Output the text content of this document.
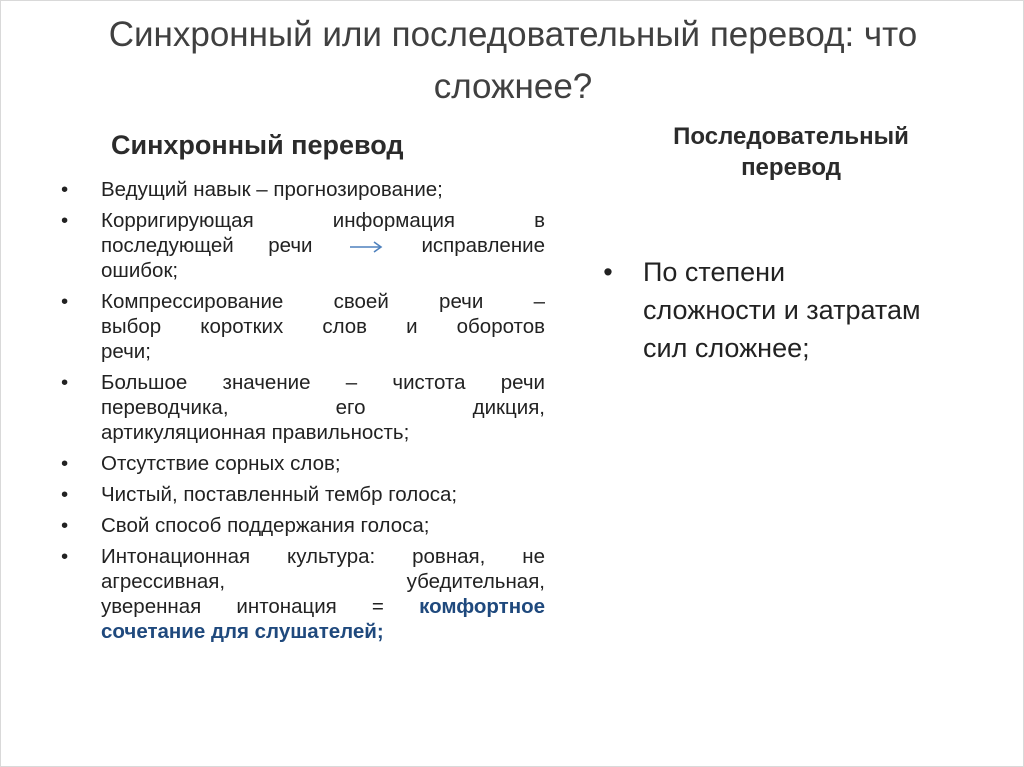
Синхронный или последовательный перевод: что сложнее?
Синхронный перевод	Последовательный перевод
•	Ведущий навык – прогнозирование;
•	Корригирующая информация в
последующей речи	исправление
ошибок;
•	Компрессирование своей речи –
выбор коротких слов и оборотов
речи;
•	Большое значение – чистота речи
переводчика, его дикция,
артикуляционная правильность;
•	Отсутствие сорных слов;
•	Чистый, поставленный тембр голоса;
•	Свой способ поддержания голоса;
•	Интонационная культура: ровная, не
агрессивная, убедительная,
уверенная интонация = комфортное
сочетание для слушателей;
• По степени
сложности и затратам
сил сложнее;
